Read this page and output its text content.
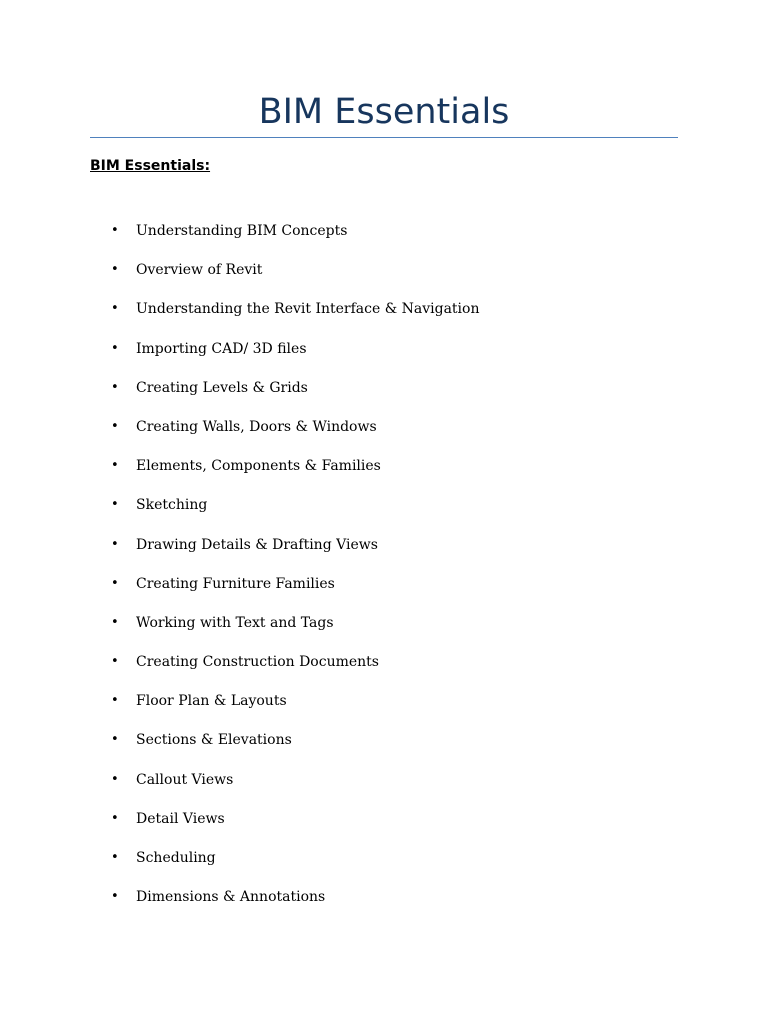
BIM Essentials
BIM Essentials:
• Understanding BIM Concepts
• Overview of Revit
• Understanding the Revit Interface & Navigation
• Importing CAD/ 3D files
• Creating Levels & Grids
• Creating Walls, Doors & Windows
• Elements, Components & Families
• Sketching
• Drawing Details & Drafting Views
• Creating Furniture Families
• Working with Text and Tags
• Creating Construction Documents
• Floor Plan & Layouts
• Sections & Elevations
• Callout Views
• Detail Views
• Scheduling
• Dimensions & Annotations
